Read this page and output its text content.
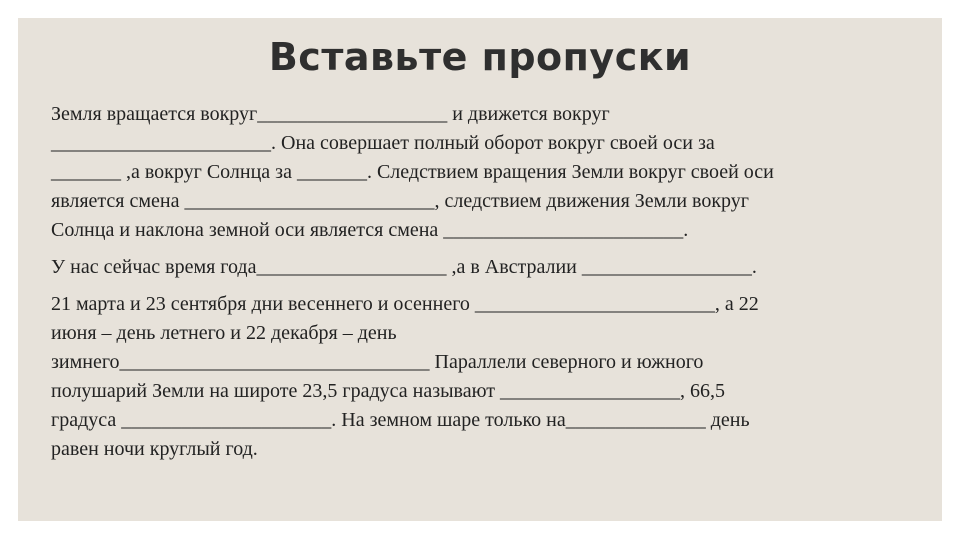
Вставьте пропуски
Земля вращается вокруг___________________ и движется вокруг
______________________. Она совершает полный оборот вокруг своей оси за
_______ ,а вокруг Солнца за _______. Следствием вращения Земли вокруг своей оси
является смена _________________________, следствием движения Земли вокруг
Солнца и наклона земной оси является смена ________________________.
У нас сейчас время года___________________ ,а в Австралии _________________.
21 марта и 23 сентября дни весеннего и осеннего ________________________, а 22
июня – день летнего и 22 декабря – день
зимнего_______________________________ Параллели северного и южного
полушарий Земли на широте 23,5 градуса называют __________________, 66,5
градуса _____________________. На земном шаре только на______________ день
равен ночи круглый год.
